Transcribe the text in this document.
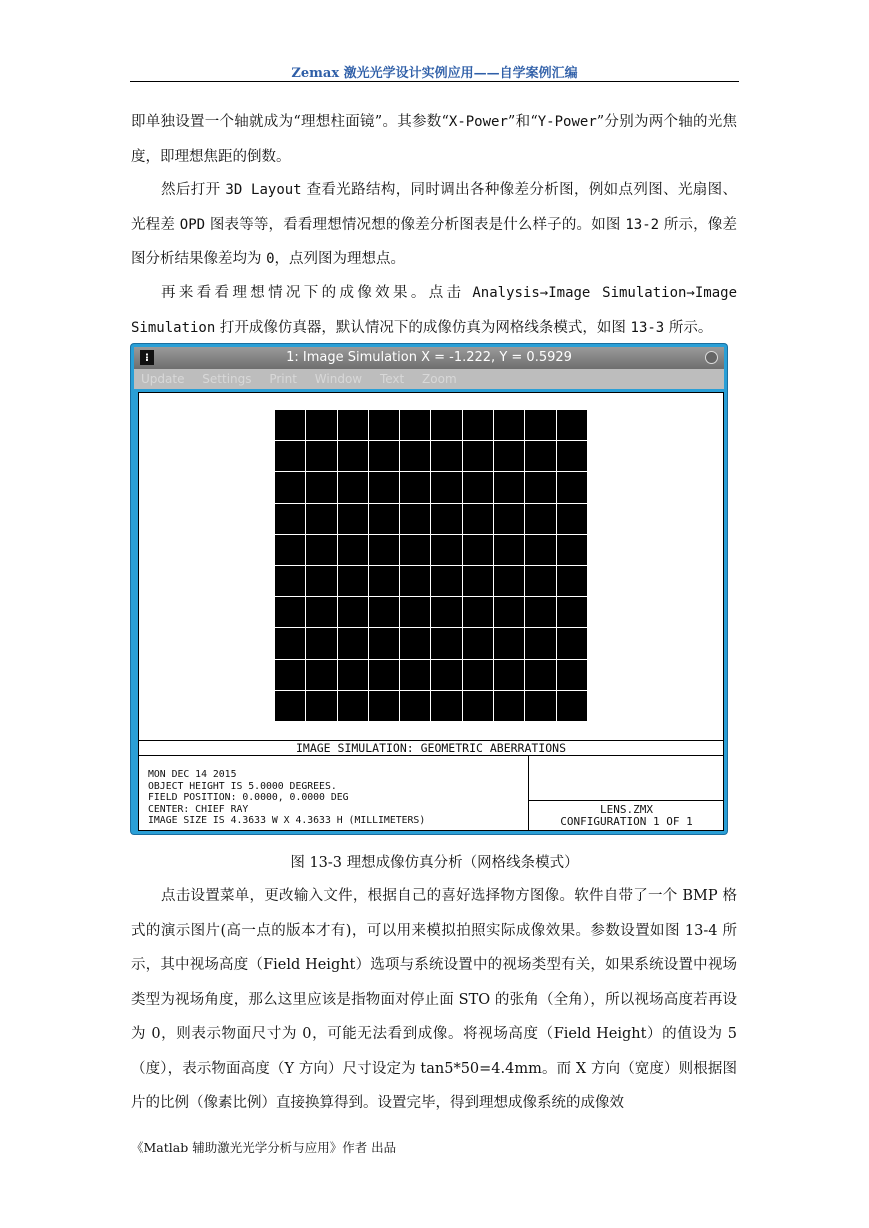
Zemax 激光光学设计实例应用——自学案例汇编

即单独设置一个轴就成为“理想柱面镜”。其参数“X-Power”和“Y-Power”分别为两个轴的光焦度，即理想焦距的倒数。

然后打开 3D Layout 查看光路结构，同时调出各种像差分析图，例如点列图、光扇图、光程差 OPD 图表等等，看看理想情况想的像差分析图表是什么样子的。如图 13-2 所示，像差图分析结果像差均为 0，点列图为理想点。

再来看看理想情况下的成像效果。点击 Analysis→Image Simulation→Image Simulation 打开成像仿真器，默认情况下的成像仿真为网格线条模式，如图 13-3 所示。

⁝	1: Image Simulation X = -1.222, Y = 0.5929
Update Settings Print Window Text Zoom
IMAGE SIMULATION: GEOMETRIC ABERRATIONS
MON DEC 14 2015
OBJECT HEIGHT IS 5.0000 DEGREES.
FIELD POSITION: 0.0000, 0.0000 DEG
CENTER: CHIEF RAY
IMAGE SIZE IS 4.3633 W X 4.3633 H (MILLIMETERS)
LENS.ZMX
CONFIGURATION 1 OF 1
图 13-3 理想成像仿真分析（网格线条模式）

点击设置菜单，更改输入文件，根据自己的喜好选择物方图像。软件自带了一个 BMP 格式的演示图片(高一点的版本才有)，可以用来模拟拍照实际成像效果。参数设置如图 13-4 所示，其中视场高度（Field Height）选项与系统设置中的视场类型有关，如果系统设置中视场类型为视场角度，那么这里应该是指物面对停止面 STO 的张角（全角），所以视场高度若再设为 0，则表示物面尺寸为 0，可能无法看到成像。将视场高度（Field Height）的值设为 5（度），表示物面高度（Y 方向）尺寸设定为 tan5*50=4.4mm。而 X 方向（宽度）则根据图片的比例（像素比例）直接换算得到。设置完毕，得到理想成像系统的成像效

《Matlab 辅助激光光学分析与应用》作者 出品
